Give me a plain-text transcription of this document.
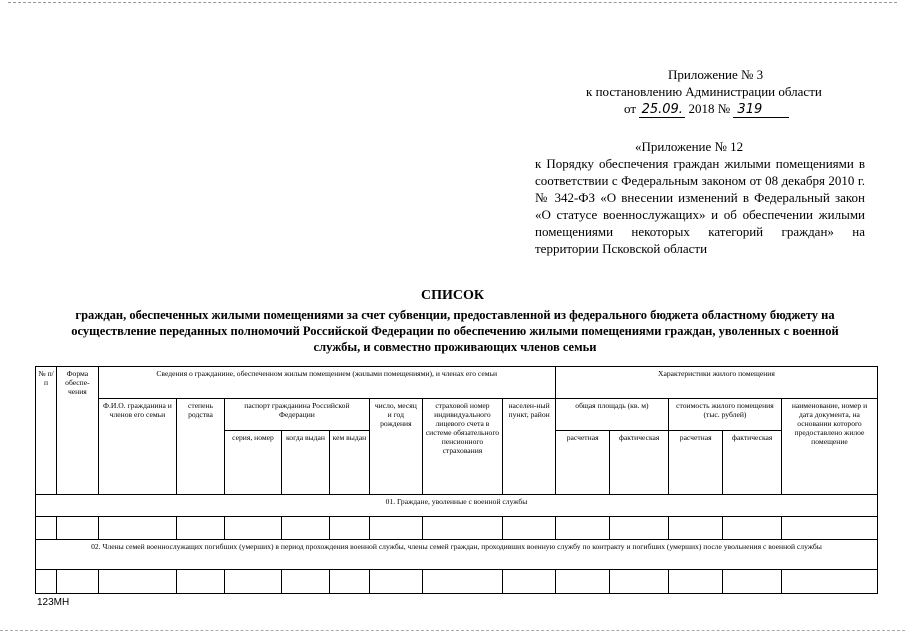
Приложение № 3
к постановлению Администрации области
от 25.09. 2018 № 319
«Приложение № 12
к Порядку обеспечения граждан жилыми помещениями в соответствии с Федеральным законом от 08 декабря 2010 г. № 342-ФЗ «О внесении изменений в Федеральный закон «О статусе военнослужащих» и об обеспечении жилыми помещениями некоторых категорий граждан» на территории Псковской области
СПИСОК
граждан, обеспеченных жилыми помещениями за счет субвенции, предоставленной из федерального бюджета областному бюджету на осуществление переданных полномочий Российской Федерации по обеспечению жилыми помещениями граждан, уволенных с военной службы, и совместно проживающих членов семьи
№ п/п	Форма обеспе-чения	Сведения о гражданине, обеспеченном жилым помещением (жилыми помещениями), и членах его семьи								Характеристики жилого помещения				
		Ф.И.О. гражданина и членов его семьи	степень родства	паспорт гражданина Российской Федерации			число, месяц и год рождения	страховой номер индивидуального лицевого счета в системе обязательного пенсионного страхования	населен-ный пункт, район	общая площадь (кв. м)		стоимость жилого помещения (тыс. рублей)		наименование, номер и дата документа, на основании которого предоставлено жилое помещение
				серия, номер	когда выдан	кем выдан				расчетная	фактическая	расчетная	фактическая	
01. Граждане, уволенные с военной службы														

02. Члены семей военнослужащих погибших (умерших) в период прохождения военной службы, члены семей граждан, проходивших военную службу по контракту и погибших (умерших) после увольнения с военной службы														

123МН
